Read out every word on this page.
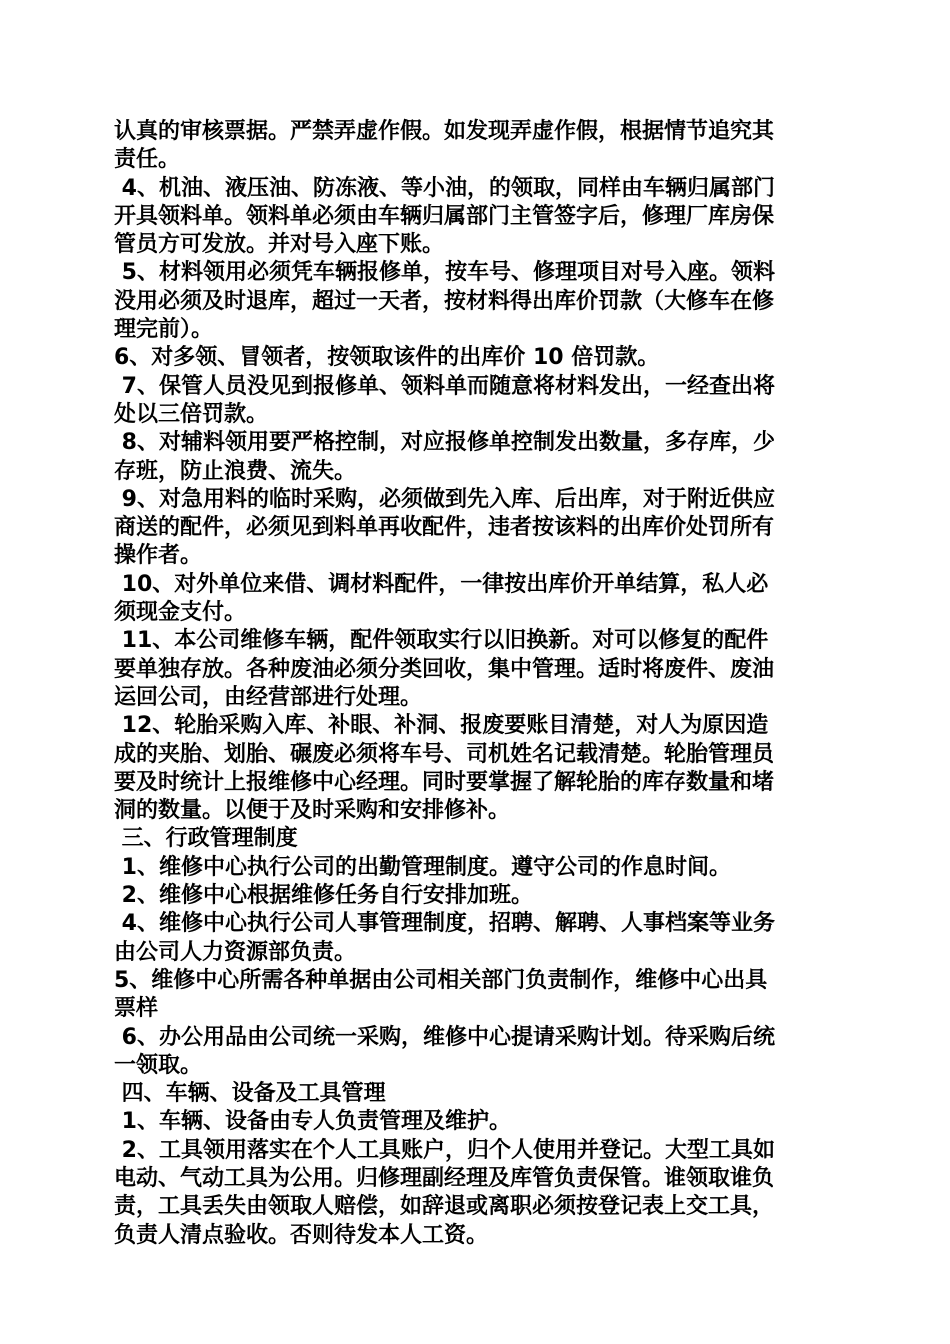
认真的审核票据。严禁弄虚作假。如发现弄虚作假，根据情节追究其
责任。
4、机油、液压油、防冻液、等小油，的领取，同样由车辆归属部门
开具领料单。领料单必须由车辆归属部门主管签字后，修理厂库房保
管员方可发放。并对号入座下账。
5、材料领用必须凭车辆报修单，按车号、修理项目对号入座。领料
没用必须及时退库，超过一天者，按材料得出库价罚款（大修车在修
理完前）。
6、对多领、冒领者，按领取该件的出库价 10 倍罚款。
7、保管人员没见到报修单、领料单而随意将材料发出，一经查出将
处以三倍罚款。
8、对辅料领用要严格控制，对应报修单控制发出数量，多存库，少
存班，防止浪费、流失。
9、对急用料的临时采购，必须做到先入库、后出库，对于附近供应
商送的配件，必须见到料单再收配件，违者按该料的出库价处罚所有
操作者。
10、对外单位来借、调材料配件，一律按出库价开单结算，私人必
须现金支付。
11、本公司维修车辆，配件领取实行以旧换新。对可以修复的配件
要单独存放。各种废油必须分类回收，集中管理。适时将废件、废油
运回公司，由经营部进行处理。
12、轮胎采购入库、补眼、补洞、报废要账目清楚，对人为原因造
成的夹胎、划胎、碾废必须将车号、司机姓名记载清楚。轮胎管理员
要及时统计上报维修中心经理。同时要掌握了解轮胎的库存数量和堵
洞的数量。以便于及时采购和安排修补。
三、行政管理制度
1、维修中心执行公司的出勤管理制度。遵守公司的作息时间。
2、维修中心根据维修任务自行安排加班。
4、维修中心执行公司人事管理制度，招聘、解聘、人事档案等业务
由公司人力资源部负责。
5、维修中心所需各种单据由公司相关部门负责制作，维修中心出具
票样
6、办公用品由公司统一采购，维修中心提请采购计划。待采购后统
一领取。
四、车辆、设备及工具管理
1、车辆、设备由专人负责管理及维护。
2、工具领用落实在个人工具账户，归个人使用并登记。大型工具如
电动、气动工具为公用。归修理副经理及库管负责保管。谁领取谁负
责，工具丢失由领取人赔偿，如辞退或离职必须按登记表上交工具，
负责人清点验收。否则待发本人工资。
